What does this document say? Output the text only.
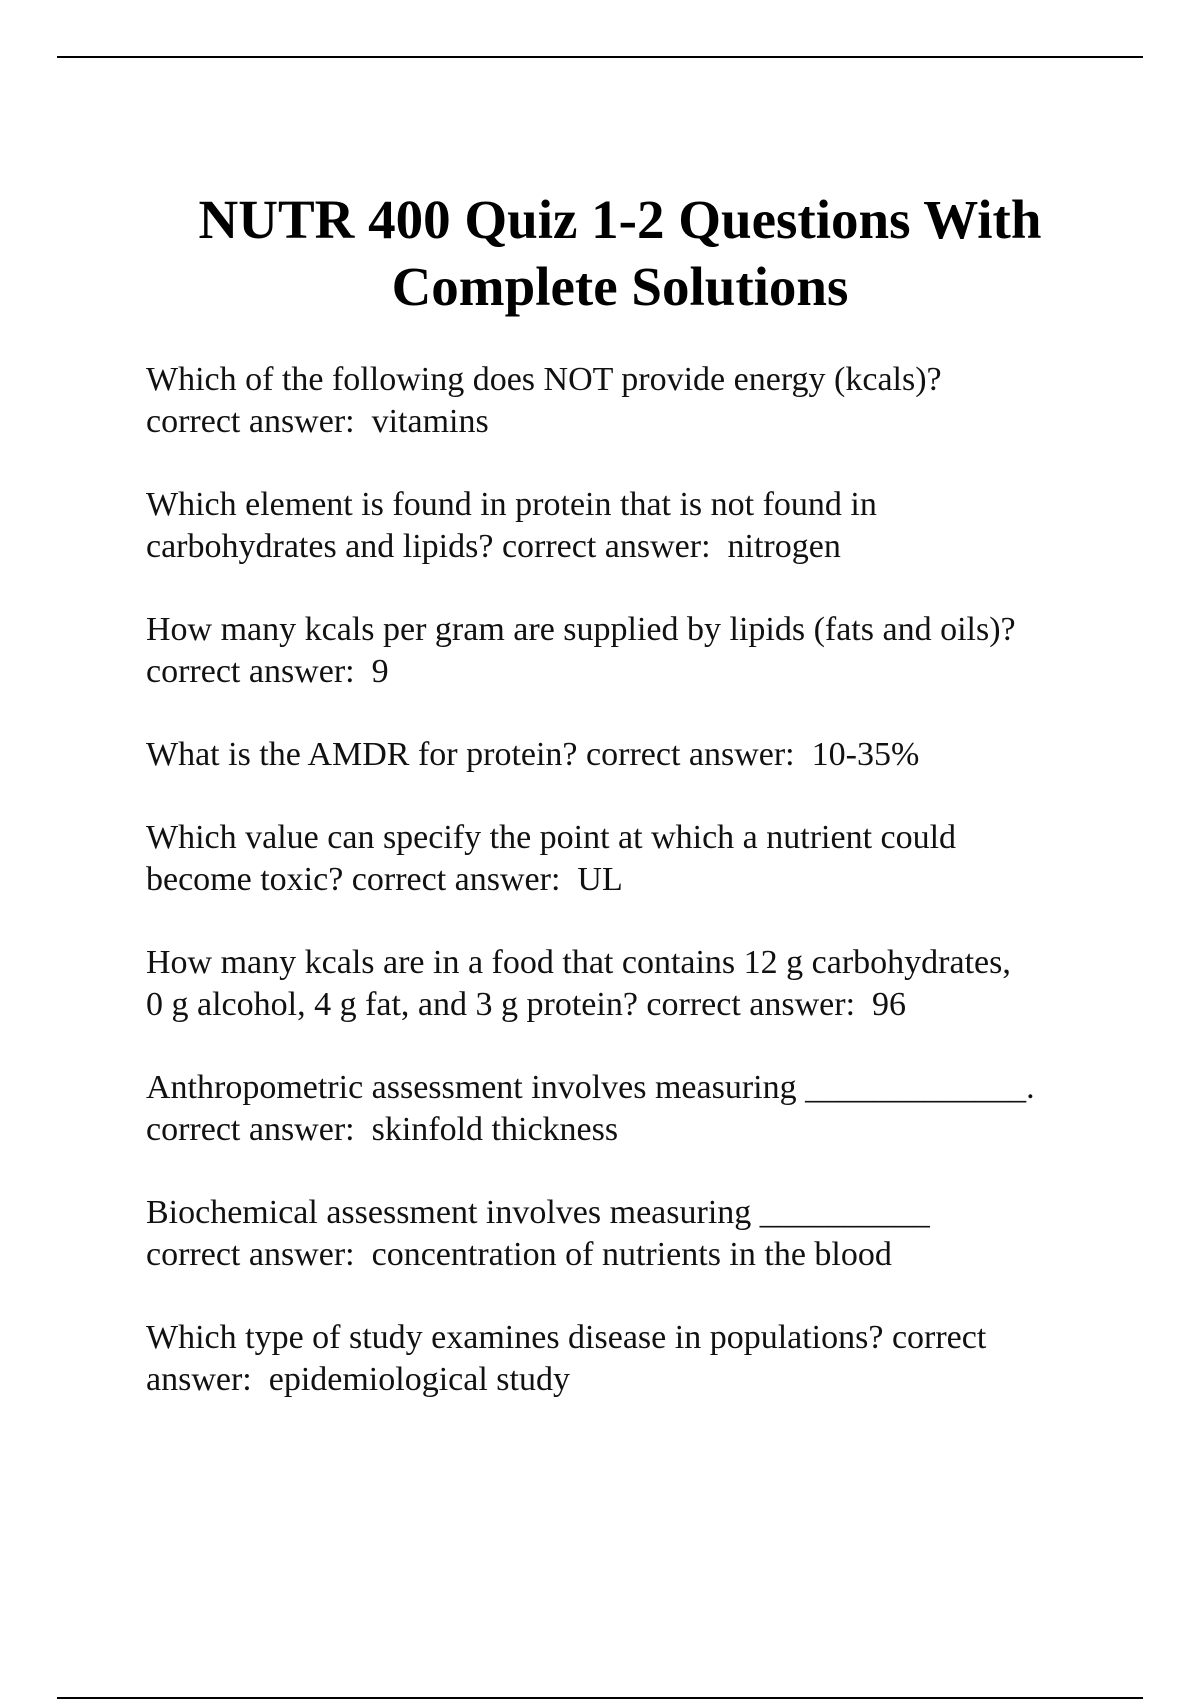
NUTR 400 Quiz 1-2 Questions With
Complete Solutions
Which of the following does NOT provide energy (kcals)?
correct answer:  vitamins
Which element is found in protein that is not found in
carbohydrates and lipids? correct answer:  nitrogen
How many kcals per gram are supplied by lipids (fats and oils)?
correct answer:  9
What is the AMDR for protein? correct answer:  10-35%
Which value can specify the point at which a nutrient could
become toxic? correct answer:  UL
How many kcals are in a food that contains 12 g carbohydrates,
0 g alcohol, 4 g fat, and 3 g protein? correct answer:  96
Anthropometric assessment involves measuring _____________.
correct answer:  skinfold thickness
Biochemical assessment involves measuring __________
correct answer:  concentration of nutrients in the blood
Which type of study examines disease in populations? correct
answer:  epidemiological study
